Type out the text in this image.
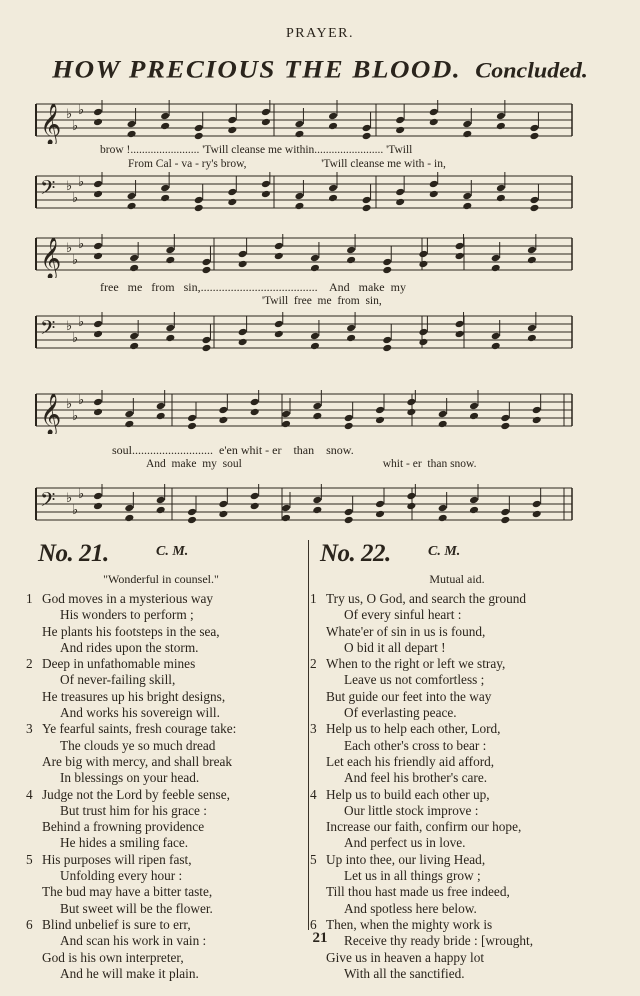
PRAYER.
HOW PRECIOUS THE BLOOD. Concluded.
𝄞 ♭
♭
♭
brow !........................ 'Twill cleanse me within........................ 'Twill
From Cal - va - ry's brow,                          'Twill cleanse me with - in,
𝄢 ♭
♭
♭
𝄞 ♭
♭
♭
free   me   from   sin,.......................................    And   make  my
'Twill  free  me  from  sin,
𝄢 ♭
♭
♭
𝄞 ♭
♭
♭
soul...........................  e'en whit - er    than    snow.
And  make  my  soul                                                 whit - er  than snow.
𝄢 ♭
♭
♭
No. 21.	C. M.
"Wonderful in counsel."
1 God moves in a mysterious way
His wonders to perform ;
He plants his footsteps in the sea,
And rides upon the storm.
2 Deep in unfathomable mines
Of never-failing skill,
He treasures up his bright designs,
And works his sovereign will.
3 Ye fearful saints, fresh courage take:
The clouds ye so much dread
Are big with mercy, and shall break
In blessings on your head.
4 Judge not the Lord by feeble sense,
But trust him for his grace :
Behind a frowning providence
He hides a smiling face.
5 His purposes will ripen fast,
Unfolding every hour :
The bud may have a bitter taste,
But sweet will be the flower.
6 Blind unbelief is sure to err,
And scan his work in vain :
God is his own interpreter,
And he will make it plain.
No. 22.	C. M.
Mutual aid.
1 Try us, O God, and search the ground
Of every sinful heart :
Whate'er of sin in us is found,
O bid it all depart !
2 When to the right or left we stray,
Leave us not comfortless ;
But guide our feet into the way
Of everlasting peace.
3 Help us to help each other, Lord,
Each other's cross to bear :
Let each his friendly aid afford,
And feel his brother's care.
4 Help us to build each other up,
Our little stock improve :
Increase our faith, confirm our hope,
And perfect us in love.
5 Up into thee, our living Head,
Let us in all things grow ;
Till thou hast made us free indeed,
And spotless here below.
6 Then, when the mighty work is
Receive thy ready bride : [wrought,
Give us in heaven a happy lot
With all the sanctified.
21
